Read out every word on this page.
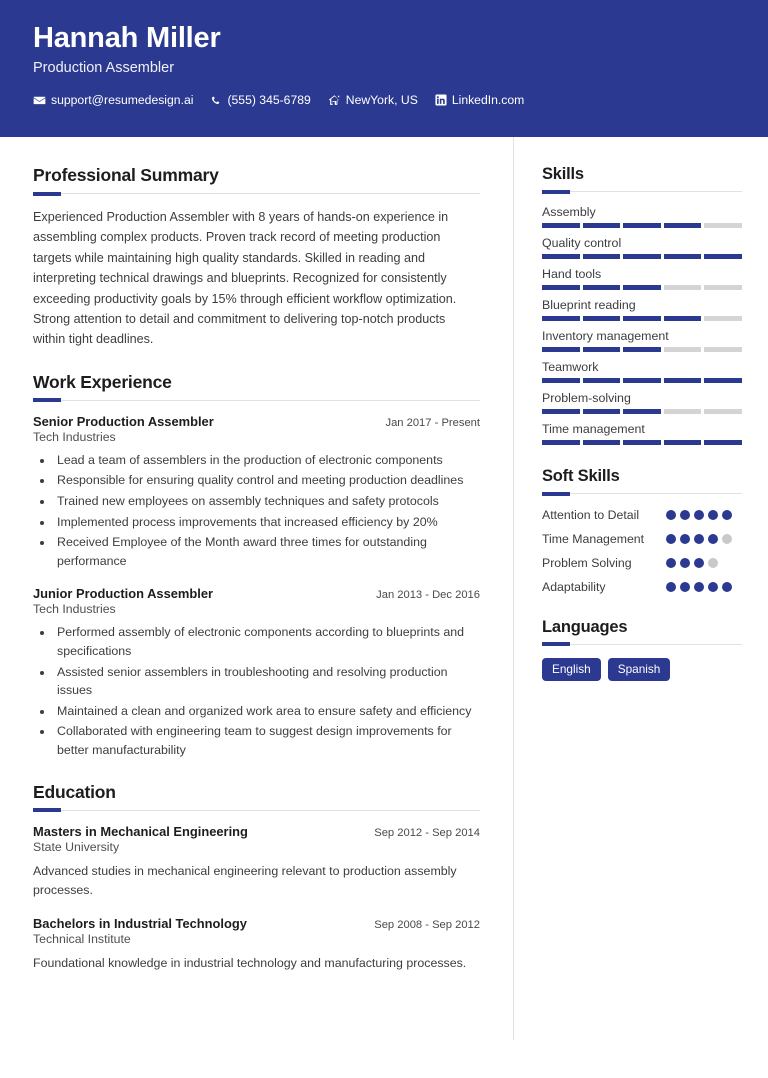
Hannah Miller
Production Assembler
support@resumedesign.ai	(555) 345-6789	NewYork, US	LinkedIn.com
Professional Summary
Experienced Production Assembler with 8 years of hands-on experience in assembling complex products. Proven track record of meeting production targets while maintaining high quality standards. Skilled in reading and interpreting technical drawings and blueprints. Recognized for consistently exceeding productivity goals by 15% through efficient workflow optimization. Strong attention to detail and commitment to delivering top-notch products within tight deadlines.
Work Experience
Senior Production Assembler	Jan 2017 - Present
Tech Industries
• Lead a team of assemblers in the production of electronic components
• Responsible for ensuring quality control and meeting production deadlines
• Trained new employees on assembly techniques and safety protocols
• Implemented process improvements that increased efficiency by 20%
• Received Employee of the Month award three times for outstanding performance
Junior Production Assembler	Jan 2013 - Dec 2016
Tech Industries
• Performed assembly of electronic components according to blueprints and specifications
• Assisted senior assemblers in troubleshooting and resolving production issues
• Maintained a clean and organized work area to ensure safety and efficiency
• Collaborated with engineering team to suggest design improvements for better manufacturability
Education
Masters in Mechanical Engineering	Sep 2012 - Sep 2014
State University
Advanced studies in mechanical engineering relevant to production assembly processes.
Bachelors in Industrial Technology	Sep 2008 - Sep 2012
Technical Institute
Foundational knowledge in industrial technology and manufacturing processes.
Skills
Assembly
Quality control
Hand tools
Blueprint reading
Inventory management
Teamwork
Problem-solving
Time management
Soft Skills
Attention to Detail
Time Management
Problem Solving
Adaptability
Languages
English	Spanish
